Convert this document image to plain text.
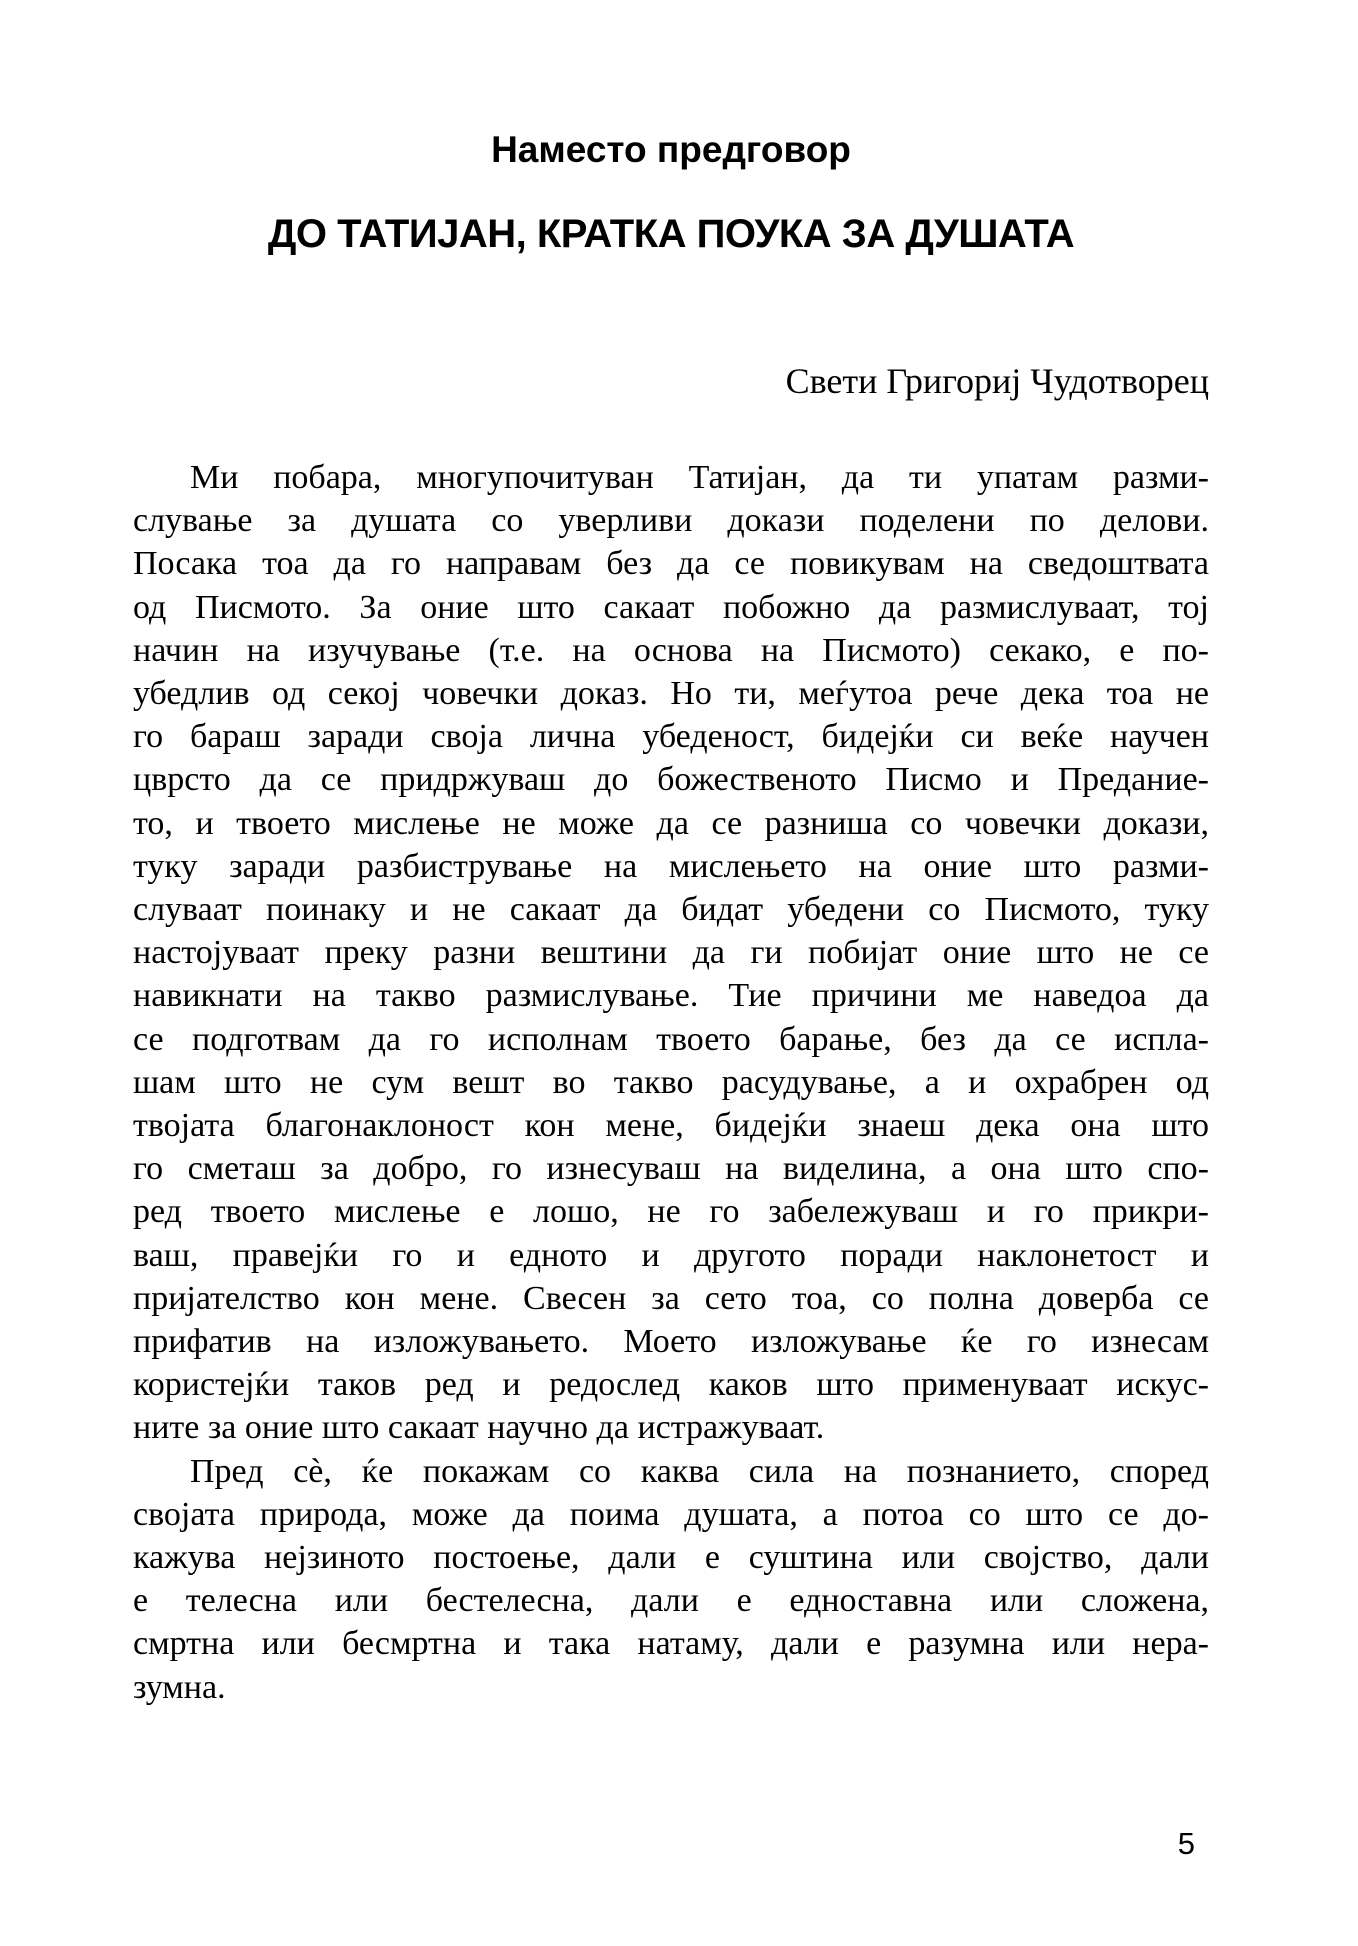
Наместо предговор
ДО ТАТИЈАН, КРАТКА ПОУКА ЗА ДУШАТА
Свети Григориј Чудотворец
Ми побара, многупочитуван Татијан, да ти упатам разми-
слување за душата со уверливи докази поделени по делови.
Посака тоа да го направам без да се повикувам на сведоштвата
од Писмото. За оние што сакаат побожно да размислуваат, тој
начин на изучување (т.е. на основа на Писмото) секако, е по-
убедлив од секој човечки доказ. Но ти, меѓутоа рече дека тоа не
го бараш заради своја лична убеденост, бидејќи си веќе научен
цврсто да се придржуваш до божественото Писмо и Предание-
то, и твоето мислење не може да се разниша со човечки докази,
туку заради разбистрување на мислењето на оние што разми-
слуваат поинаку и не сакаат да бидат убедени со Писмото, туку
настојуваат преку разни вештини да ги побијат оние што не се
навикнати на такво размислување. Тие причини ме наведоа да
се подготвам да го исполнам твоето барање, без да се испла-
шам што не сум вешт во такво расудување, а и охрабрен од
твојата благонаклоност кон мене, бидејќи знаеш дека она што
го сметаш за добро, го изнесуваш на виделина, а она што спо-
ред твоето мислење е лошо, не го забележуваш и го прикри-
ваш, правејќи го и едното и другото поради наклонетост и
пријателство кон мене. Свесен за сето тоа, со полна доверба се
прифатив на изложувањето. Моето изложување ќе го изнесам
користејќи таков ред и редослед каков што применуваат искус-
ните за оние што сакаат научно да истражуваат.
Пред сѐ, ќе покажам со каква сила на познанието, според
својата природа, може да поима душата, а потоа со што се до-
кажува нејзиното постоење, дали е суштина или својство, дали
е телесна или бестелесна, дали е едноставна или сложена,
смртна или бесмртна и така натаму, дали е разумна или нера-
зумна.
5
